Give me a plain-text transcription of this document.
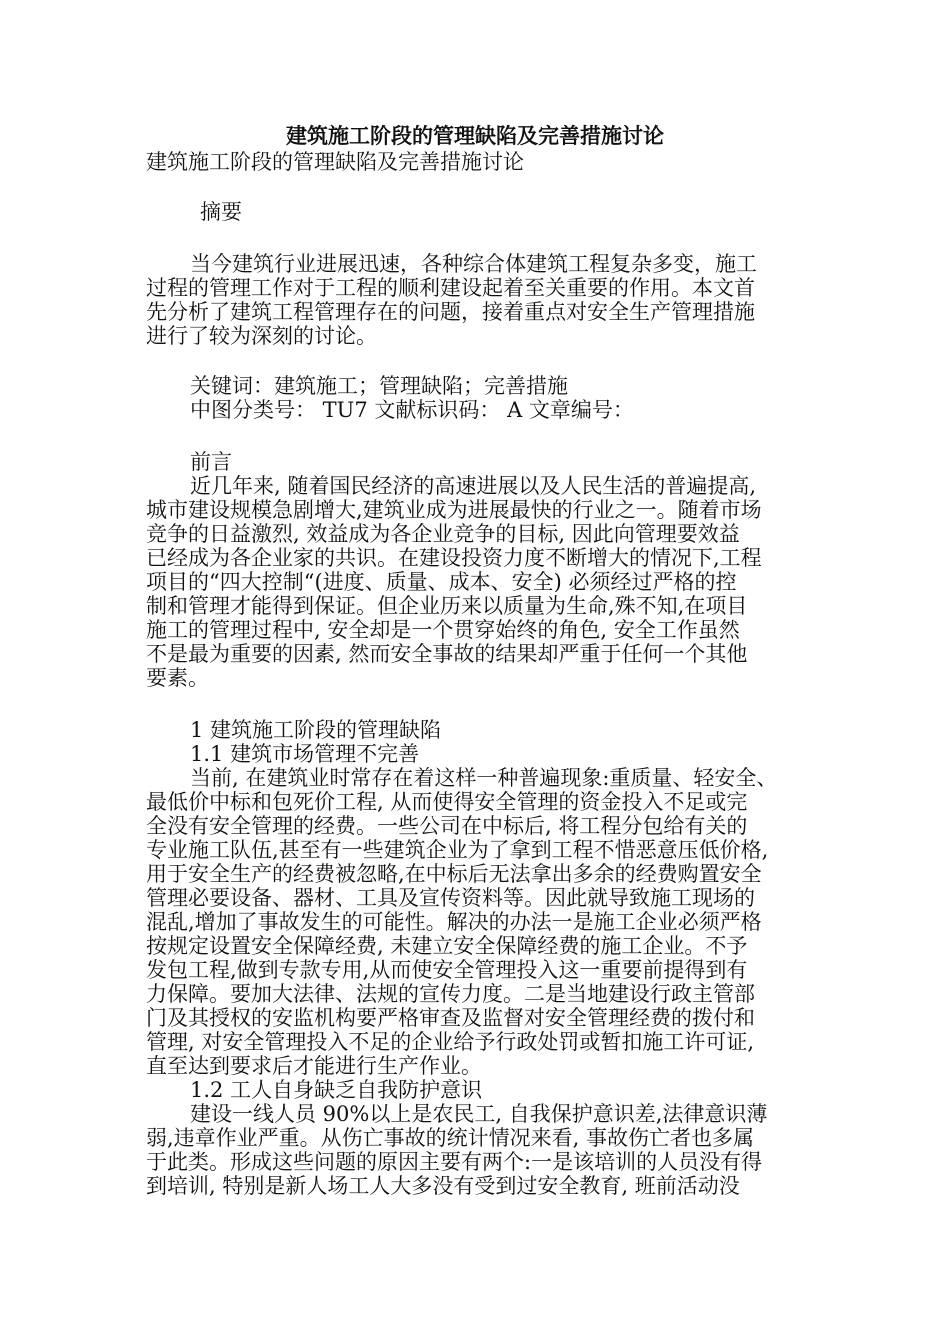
建筑施工阶段的管理缺陷及完善措施讨论
建筑施工阶段的管理缺陷及完善措施讨论
摘要
当今建筑行业进展迅速，各种综合体建筑工程复杂多变，施工
过程的管理工作对于工程的顺利建设起着至关重要的作用。本文首
先分析了建筑工程管理存在的问题，接着重点对安全生产管理措施
进行了较为深刻的讨论。
关键词：建筑施工；管理缺陷；完善措施
中图分类号： TU7 文献标识码： A 文章编号：
前言
近几年来, 随着国民经济的高速进展以及人民生活的普遍提高,
城市建设规模急剧增大,建筑业成为进展最快的行业之一。随着市场
竞争的日益激烈, 效益成为各企业竞争的目标, 因此向管理要效益
已经成为各企业家的共识。在建设投资力度不断增大的情况下,工程
项目的“四大控制“(进度、质量、成本、安全) 必须经过严格的控
制和管理才能得到保证。但企业历来以质量为生命,殊不知,在项目
施工的管理过程中, 安全却是一个贯穿始终的角色, 安全工作虽然
不是最为重要的因素, 然而安全事故的结果却严重于任何一个其他
要素。
1 建筑施工阶段的管理缺陷
1.1 建筑市场管理不完善
当前, 在建筑业时常存在着这样一种普遍现象:重质量、轻安全、
最低价中标和包死价工程, 从而使得安全管理的资金投入不足或完
全没有安全管理的经费。一些公司在中标后, 将工程分包给有关的
专业施工队伍,甚至有一些建筑企业为了拿到工程不惜恶意压低价格,
用于安全生产的经费被忽略,在中标后无法拿出多余的经费购置安全
管理必要设备、器材、工具及宣传资料等。因此就导致施工现场的
混乱,增加了事故发生的可能性。解决的办法一是施工企业必须严格
按规定设置安全保障经费, 未建立安全保障经费的施工企业。不予
发包工程,做到专款专用,从而使安全管理投入这一重要前提得到有
力保障。要加大法律、法规的宣传力度。二是当地建设行政主管部
门及其授权的安监机构要严格审查及监督对安全管理经费的拨付和
管理, 对安全管理投入不足的企业给予行政处罚或暂扣施工许可证,
直至达到要求后才能进行生产作业。
1.2 工人自身缺乏自我防护意识
建设一线人员 90%以上是农民工, 自我保护意识差,法律意识薄
弱,违章作业严重。从伤亡事故的统计情况来看, 事故伤亡者也多属
于此类。形成这些问题的原因主要有两个:一是该培训的人员没有得
到培训, 特别是新人场工人大多没有受到过安全教育, 班前活动没
